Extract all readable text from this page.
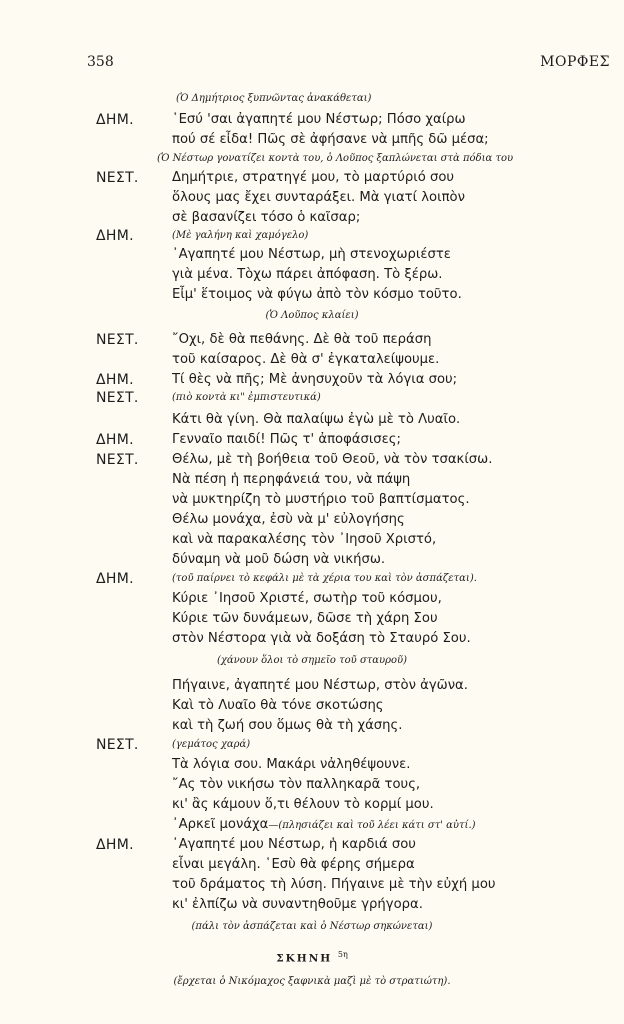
358	ΜΟΡΦΕΣ
(Ὁ Δημήτριος ξυπνῶντας ἀνακάθεται)
ΔΗΜ.	῾Εσύ 'σαι ἀγαπητέ μου Νέστωρ; Πόσο χαίρω
πού σέ εἶδα! Πῶς σὲ ἀφήσανε νὰ μπῆς δῶ μέσα;
(Ὁ Νέστωρ γονατίζει κοντὰ του, ὁ Λοῦπος ξαπλώνεται στὰ πόδια του
ΝΕΣΤ.	Δημήτριε, στρατηγέ μου, τὸ μαρτύριό σου
ὅλους μας ἔχει συνταράξει. Μὰ γιατί λοιπὸν
σὲ βασανίζει τόσο ὁ καῖσαρ;
ΔΗΜ.	(Μὲ γαλήνη καὶ χαμόγελο)
᾿Αγαπητέ μου Νέστωρ, μὴ στενοχωριέστε
γιὰ μένα. Τὸχω πάρει ἀπόφαση. Τὸ ξέρω.
Εἶμ' ἕτοιμος νὰ φύγω ἀπὸ τὸν κόσμο τοῦτο.
(Ὁ Λοῦπος κλαίει)
ΝΕΣΤ.	῎Οχι, δὲ θὰ πεθάνης. Δὲ θὰ τοῦ περάση
τοῦ καίσαρος. Δὲ θὰ σ' ἐγκαταλείψουμε.
ΔΗΜ.	Τί θὲς νὰ πῆς; Μὲ ἀνησυχοῦν τὰ λόγια σου;
ΝΕΣΤ.	(πιὸ κοντὰ κι" ἐμπιστευτικά)
Κάτι θὰ γίνη. Θὰ παλαίψω ἐγὼ μὲ τὸ Λυαῖο.
ΔΗΜ.	Γενναῖο παιδί! Πῶς τ' ἀποφάσισες;
ΝΕΣΤ.	Θέλω, μὲ τὴ βοήθεια τοῦ Θεοῦ, νὰ τὸν τσακίσω.
Νὰ πέση ἡ περηφάνειά του, νὰ πάψη
νὰ μυκτηρίζη τὸ μυστήριο τοῦ βαπτίσματος.
Θέλω μονάχα, ἐσὺ νὰ μ' εὐλογήσης
καὶ νὰ παρακαλέσης τὸν ᾿Ιησοῦ Χριστό,
δύναμη νὰ μοῦ δώση νὰ νικήσω.
ΔΗΜ.	(τοῦ παίρνει τὸ κεφάλι μὲ τὰ χέρια του καὶ τὸν ἀσπάζεται).
Κύριε ᾿Ιησοῦ Χριστέ, σωτὴρ τοῦ κόσμου,
Κύριε τῶν δυνάμεων, δῶσε τὴ χάρη Σου
στὸν Νέστορα γιὰ νὰ δοξάση τὸ Σταυρό Σου.
(χάνουν ὅλοι τὸ σημεῖο τοῦ σταυροῦ)
Πήγαινε, ἀγαπητέ μου Νέστωρ, στὸν ἀγῶνα.
Καὶ τὸ Λυαῖο θὰ τόνε σκοτώσης
καὶ τὴ ζωή σου ὅμως θὰ τὴ χάσης.
ΝΕΣΤ.	(γεμάτος χαρά)
Τὰ λόγια σου. Μακάρι νἀληθέψουνε.
῎Ας τὸν νικήσω τὸν παλληκαρᾶ τους,
κι' ἂς κάμουν ὅ,τι θέλουν τὸ κορμί μου.
᾿Αρκεῖ μονάχα—(πλησιάζει καὶ τοῦ λέει κάτι στ' αὐτί.)
ΔΗΜ.	᾿Αγαπητέ μου Νέστωρ, ἡ καρδιά σου
εἶναι μεγάλη. ῾Εσὺ θὰ φέρης σήμερα
τοῦ δράματος τὴ λύση. Πήγαινε μὲ τὴν εὐχή μου
κι' ἐλπίζω νὰ συναντηθοῦμε γρήγορα.
(πάλι τὸν ἀσπάζεται καὶ ὁ Νέστωρ σηκώνεται)
ΣΚΗΝΗ $^{5\eta}$
(ἔρχεται ὁ Νικόμαχος ξαφνικὰ μαζὶ μὲ τὸ στρατιώτη).
